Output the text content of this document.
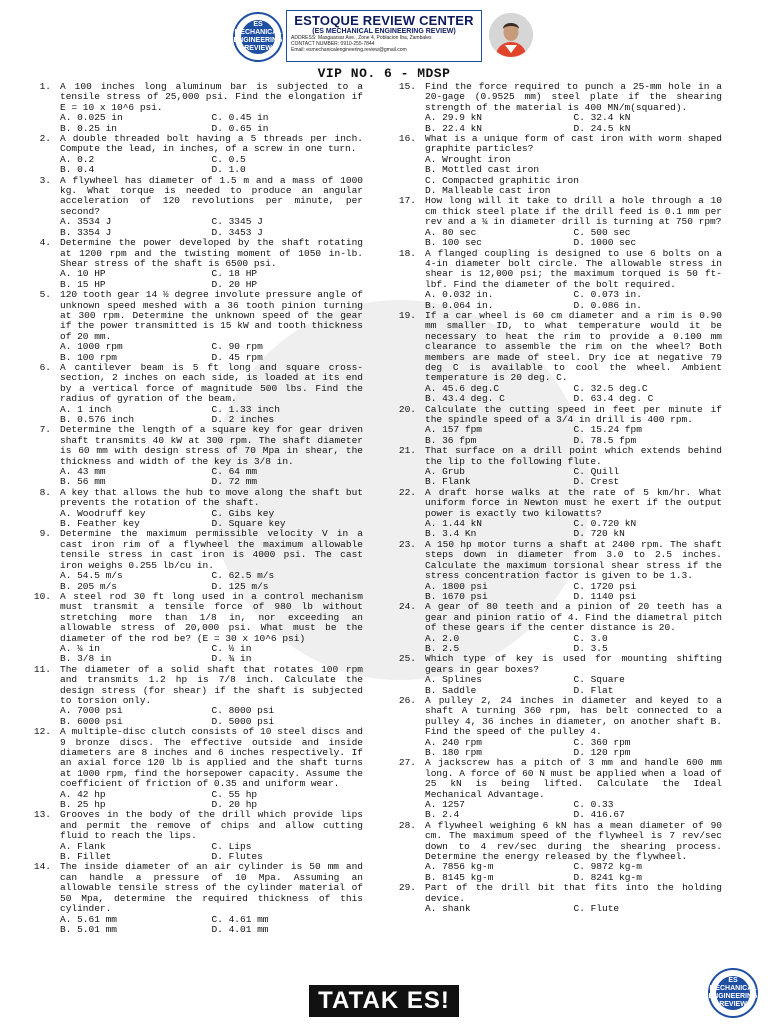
ES MECHANICAL ENGINEERING REVIEW
ESTOQUE REVIEW CENTER
(ES MECHANICAL ENGINEERING REVIEW)
ADDRESS: Masgaarsar Ave., Zone 4, Poblacion Iba, Zambales
CONTACT NUMBER: 0910-255-7844
Email: esmechanicalengineering.review@gmail.com
VIP NO. 6 - MDSP
1. A 100 inches long aluminum bar is subjected to a tensile stress of 25,000 psi. Find the elongation if E = 10 x 10^6 psi.
A. 0.025 in	C. 0.45 in
B. 0.25 in	D. 0.65 in
2. A double threaded bolt having a 5 threads per inch. Compute the lead, in inches, of a screw in one turn.
A. 0.2	C. 0.5
B. 0.4	D. 1.0
3. A flywheel has diameter of 1.5 m and a mass of 1000 kg. What torque is needed to produce an angular acceleration of 120 revolutions per minute, per second?
A. 3534 J	C. 3345 J
B. 3354 J	D. 3453 J
4. Determine the power developed by the shaft rotating at 1200 rpm and the twisting moment of 1050 in-lb. Shear stress of the shaft is 6500 psi.
A. 10 HP	C. 18 HP
B. 15 HP	D. 20 HP
5. 120 tooth gear 14 ½ degree involute pressure angle of unknown speed meshed with a 36 tooth pinion turning at 300 rpm. Determine the unknown speed of the gear if the power transmitted is 15 kW and tooth thickness of 20 mm.
A. 1000 rpm	C. 90 rpm
B. 100 rpm	D. 45 rpm
6. A cantilever beam is 5 ft long and square cross-section, 2 inches on each side, is loaded at its end by a vertical force of magnitude 500 lbs. Find the radius of gyration of the beam.
A. 1 inch	C. 1.33 inch
B. 0.576 inch	D. 2 inches
7. Determine the length of a square key for gear driven shaft transmits 40 kW at 300 rpm. The shaft diameter is 60 mm with design stress of 70 Mpa in shear, the thickness and width of the key is 3/8 in.
A. 43 mm	C. 64 mm
B. 56 mm	D. 72 mm
8. A key that allows the hub to move along the shaft but prevents the rotation of the shaft.
A. Woodruff key	C. Gibs key
B. Feather key	D. Square key
9. Determine the maximum permissible velocity V in a cast iron rim of a flywheel the maximum allowable tensile stress in cast iron is 4000 psi. The cast iron weighs 0.255 lb/cu in.
A. 54.5 m/s	C. 62.5 m/s
B. 205 m/s	D. 125 m/s
10. A steel rod 30 ft long used in a control mechanism must transmit a tensile force of 980 lb without stretching more than 1/8 in, nor exceeding an allowable stress of 20,000 psi. What must be the diameter of the rod be? (E = 30 x 10^6 psi)
A. ¼ in	C. ½ in
B. 3/8 in	D. ¾ in
11. The diameter of a solid shaft that rotates 100 rpm and transmits 1.2 hp is 7/8 inch. Calculate the design stress (for shear) if the shaft is subjected to torsion only.
A. 7000 psi	C. 8000 psi
B. 6000 psi	D. 5000 psi
12. A multiple-disc clutch consists of 10 steel discs and 9 bronze discs. The effective outside and inside diameters are 8 inches and 6 inches respectively. If an axial force 120 lb is applied and the shaft turns at 1000 rpm, find the horsepower capacity. Assume the coefficient of friction of 0.35 and uniform wear.
A. 42 hp	C. 55 hp
B. 25 hp	D. 20 hp
13. Grooves in the body of the drill which provide lips and permit the remove of chips and allow cutting fluid to reach the lips.
A. Flank	C. Lips
B. Fillet	D. Flutes
14. The inside diameter of an air cylinder is 50 mm and can handle a pressure of 10 Mpa. Assuming an allowable tensile stress of the cylinder material of 50 Mpa, determine the required thickness of this cylinder.
A. 5.61 mm	C. 4.61 mm
B. 5.01 mm	D. 4.01 mm
15. Find the force required to punch a 25-mm hole in a 20-gage (0.9525 mm) steel plate if the shearing strength of the material is 400 MN/m(squared).
A. 29.9 kN	C. 32.4 kN
B. 22.4 kN	D. 24.5 kN
16. What is a unique form of cast iron with worm shaped graphite particles?
A. Wrought iron
B. Mottled cast iron
C. Compacted graphitic iron
D. Malleable cast iron
17. How long will it take to drill a hole through a 10 cm thick steel plate if the drill feed is 0.1 mm per rev and a ¼ in diameter drill is turning at 750 rpm?
A. 80 sec	C. 500 sec
B. 100 sec	D. 1000 sec
18. A flanged coupling is designed to use 6 bolts on a 4-in diameter bolt circle. The allowable stress in shear is 12,000 psi; the maximum torqued is 50 ft-lbf. Find the diameter of the bolt required.
A. 0.032 in.	C. 0.073 in.
B. 0.064 in.	D. 0.086 in.
19. If a car wheel is 60 cm diameter and a rim is 0.90 mm smaller ID, to what temperature would it be necessary to heat the rim to provide a 0.100 mm clearance to assemble the rim on the wheel? Both members are made of steel. Dry ice at negative 79 deg C is available to cool the wheel. Ambient temperature is 20 deg. C.
A. 45.6 deg.C	C. 32.5 deg.C
B. 43.4 deg. C	D. 63.4 deg. C
20. Calculate the cutting speed in feet per minute if the spindle speed of a 3/4 in drill is 400 rpm.
A. 157 fpm	C. 15.24 fpm
B. 36 fpm	D. 78.5 fpm
21. That surface on a drill point which extends behind the lip to the following flute.
A. Grub	C. Quill
B. Flank	D. Crest
22. A draft horse walks at the rate of 5 km/hr. What uniform force in Newton must he exert if the output power is exactly two kilowatts?
A. 1.44 kN	C. 0.720 kN
B. 3.4 Kn	D. 720 kN
23. A 150 hp motor turns a shaft at 2400 rpm. The shaft steps down in diameter from 3.0 to 2.5 inches. Calculate the maximum torsional shear stress if the stress concentration factor is given to be 1.3.
A. 1800 psi	C. 1720 psi
B. 1670 psi	D. 1140 psi
24. A gear of 80 teeth and a pinion of 20 teeth has a gear and pinion ratio of 4. Find the diametral pitch of these gears if the center distance is 20.
A. 2.0	C. 3.0
B. 2.5	D. 3.5
25. Which type of key is used for mounting shifting gears in gear boxes?
A. Splines	C. Square
B. Saddle	D. Flat
26. A pulley 2, 24 inches in diameter and keyed to a shaft A turning 360 rpm, has belt connected to a pulley 4, 36 inches in diameter, on another shaft B. Find the speed of the pulley 4.
A. 240 rpm	C. 360 rpm
B. 180 rpm	D. 120 rpm
27. A jackscrew has a pitch of 3 mm and handle 600 mm long. A force of 60 N must be applied when a load of 25 kN is being lifted. Calculate the Ideal Mechanical Advantage.
A. 1257	C. 0.33
B. 2.4	D. 416.67
28. A flywheel weighing 6 kN has a mean diameter of 90 cm. The maximum speed of the flywheel is 7 rev/sec down to 4 rev/sec during the shearing process. Determine the energy released by the flywheel.
A. 7856 kg-m	C. 9872 kg-m
B. 8145 kg-m	D. 8241 kg-m
29. Part of the drill bit that fits into the holding device.
A. shank	C. Flute
ES MECHANICAL ENGINEERING REVIEW
TATAK ES!
